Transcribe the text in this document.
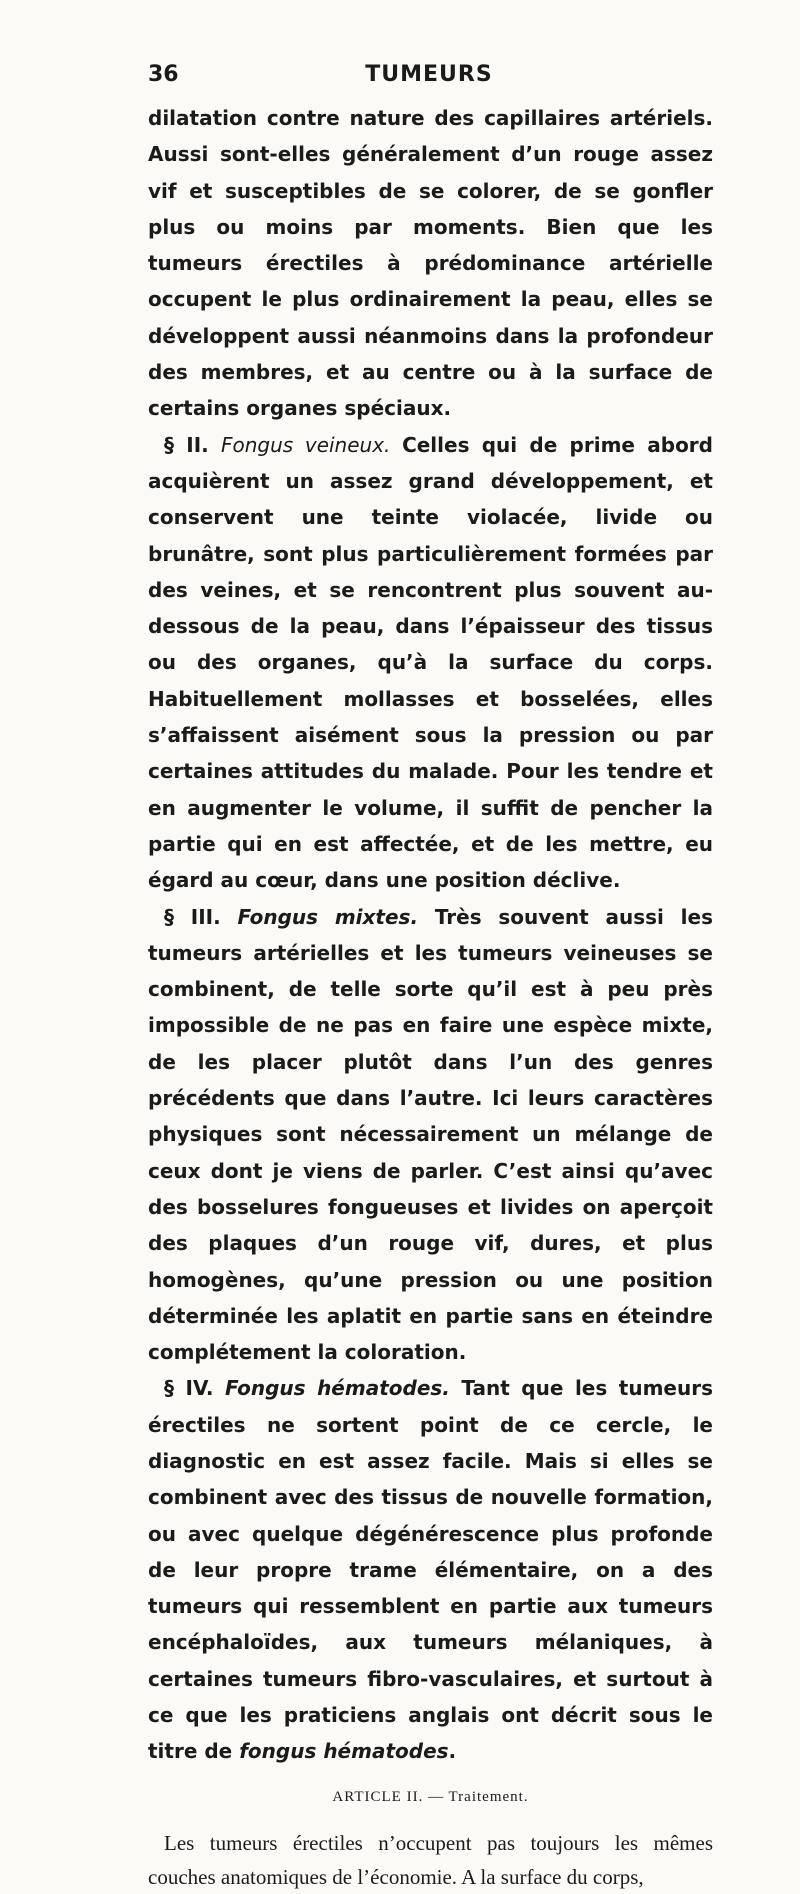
36	TUMEURS

dilatation contre nature des capillaires artériels. Aussi sont-elles généralement d’un rouge assez vif et susceptibles de se colorer, de se gonfler plus ou moins par moments. Bien que les tumeurs érectiles à prédominance artérielle occupent le plus ordinairement la peau, elles se développent aussi néanmoins dans la profondeur des membres, et au centre ou à la surface de certains organes spéciaux.

§ II. Fongus veineux. Celles qui de prime abord acquièrent un assez grand développement, et conservent une teinte violacée, livide ou brunâtre, sont plus particulièrement formées par des veines, et se rencontrent plus souvent au-dessous de la peau, dans l’épaisseur des tissus ou des organes, qu’à la surface du corps. Habituellement mollasses et bosselées, elles s’affaissent aisément sous la pression ou par certaines attitudes du malade. Pour les tendre et en augmenter le volume, il suffit de pencher la partie qui en est affectée, et de les mettre, eu égard au cœur, dans une position déclive.

§ III. Fongus mixtes. Très souvent aussi les tumeurs artérielles et les tumeurs veineuses se combinent, de telle sorte qu’il est à peu près impossible de ne pas en faire une espèce mixte, de les placer plutôt dans l’un des genres précédents que dans l’autre. Ici leurs caractères physiques sont nécessairement un mélange de ceux dont je viens de parler. C’est ainsi qu’avec des bosselures fongueuses et livides on aperçoit des plaques d’un rouge vif, dures, et plus homogènes, qu’une pression ou une position déterminée les aplatit en partie sans en éteindre complétement la coloration.

§ IV. Fongus hématodes. Tant que les tumeurs érectiles ne sortent point de ce cercle, le diagnostic en est assez facile. Mais si elles se combinent avec des tissus de nouvelle formation, ou avec quelque dégénérescence plus profonde de leur propre trame élémentaire, on a des tumeurs qui ressemblent en partie aux tumeurs encéphaloïdes, aux tumeurs mélaniques, à certaines tumeurs fibro-vasculaires, et surtout à ce que les praticiens anglais ont décrit sous le titre de fongus hématodes.

ARTICLE II. — Traitement.

Les tumeurs érectiles n’occupent pas toujours les mêmes couches anatomiques de l’économie. A la surface du corps,
